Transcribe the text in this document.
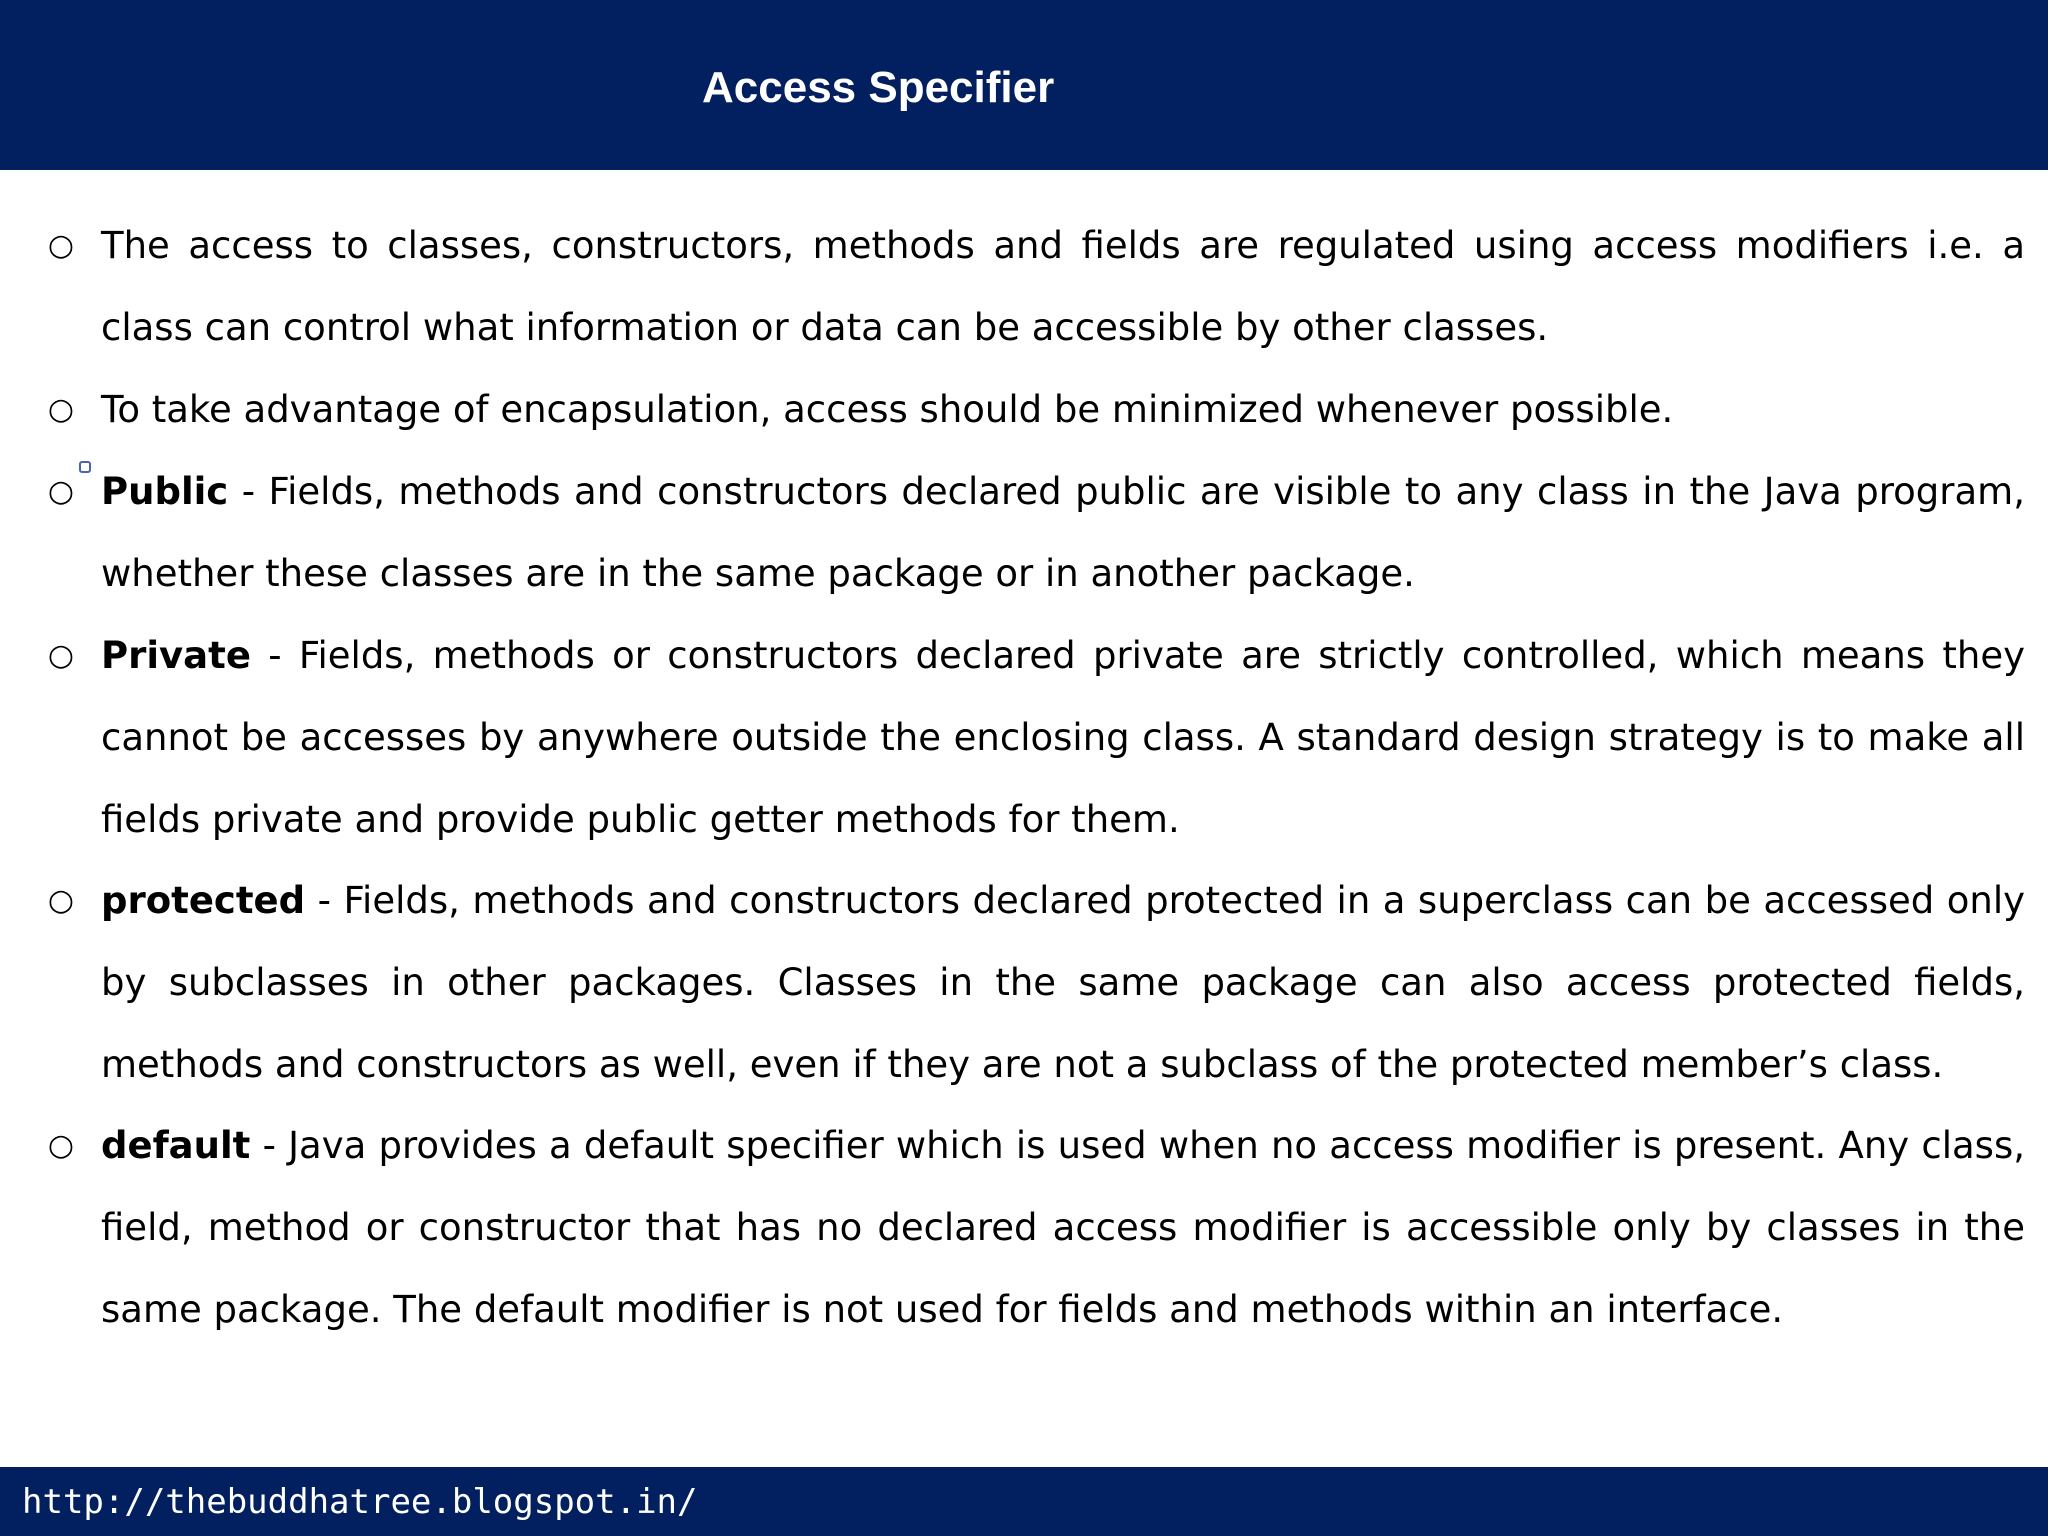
Access Specifier

○ The access to classes, constructors, methods and fields are regulated using access modifiers i.e. a class can control what information or data can be accessible by other classes.

○ To take advantage of encapsulation, access should be minimized whenever possible.

○ Public - Fields, methods and constructors declared public are visible to any class in the Java program, whether these classes are in the same package or in another package.

○ Private - Fields, methods or constructors declared private are strictly controlled, which means they cannot be accesses by anywhere outside the enclosing class. A standard design strategy is to make all fields private and provide public getter methods for them.

○ protected - Fields, methods and constructors declared protected in a superclass can be accessed only by subclasses in other packages. Classes in the same package can also access protected fields, methods and constructors as well, even if they are not a subclass of the protected member’s class.

○ default - Java provides a default specifier which is used when no access modifier is present. Any class, field, method or constructor that has no declared access modifier is accessible only by classes in the same package. The default modifier is not used for fields and methods within an interface.

http://thebuddhatree.blogspot.in/
